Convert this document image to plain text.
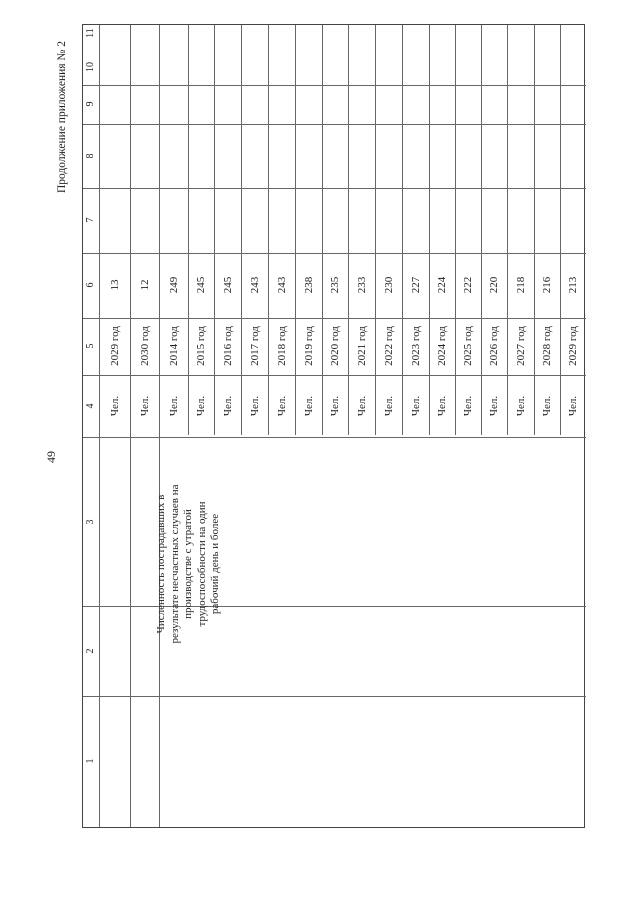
49
Продолжение приложения № 2
1
2
3
4
5
6
7
8
9
10
11
Численность пострадавших в результате несчастных случаев на производстве с утратой трудоспособности на один рабочий день и более
Чел.
2029 год
13
Чел.
2030 год
12
Чел.
2014 год
249
Чел.
2015 год
245
Чел.
2016 год
245
Чел.
2017 год
243
Чел.
2018 год
243
Чел.
2019 год
238
Чел.
2020 год
235
Чел.
2021 год
233
Чел.
2022 год
230
Чел.
2023 год
227
Чел.
2024 год
224
Чел.
2025 год
222
Чел.
2026 год
220
Чел.
2027 год
218
Чел.
2028 год
216
Чел.
2029 год
213
